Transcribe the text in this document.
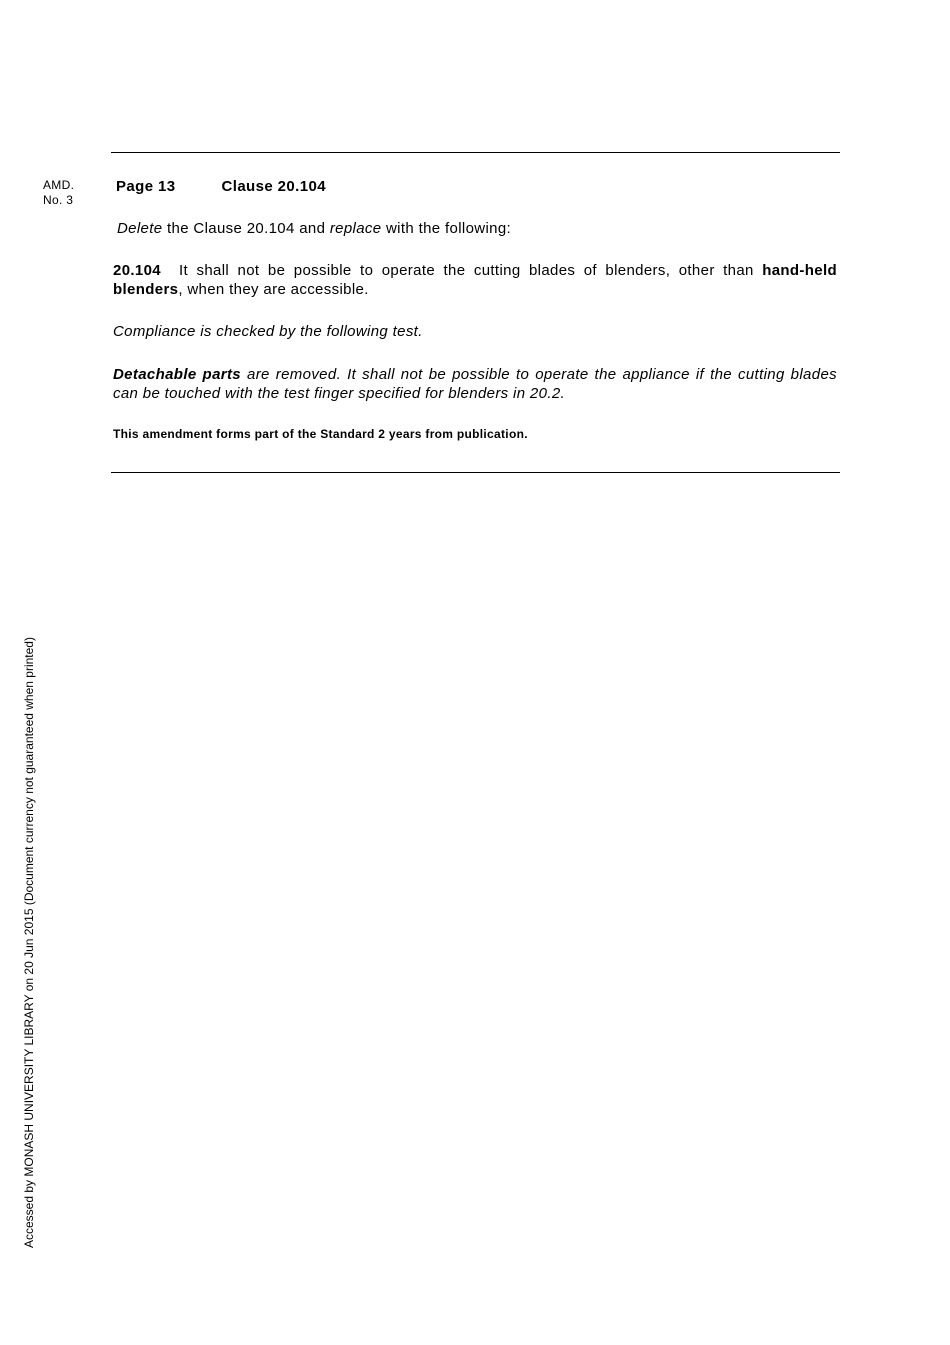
AMD.
No. 3
Page 13	Clause 20.104
Delete the Clause 20.104 and replace with the following:
20.104 It shall not be possible to operate the cutting blades of blenders, other than hand-held blenders, when they are accessible.
Compliance is checked by the following test.
Detachable parts are removed. It shall not be possible to operate the appliance if the cutting blades can be touched with the test finger specified for blenders in 20.2.
This amendment forms part of the Standard 2 years from publication.
Accessed by MONASH UNIVERSITY LIBRARY on 20 Jun 2015 (Document currency not guaranteed when printed)
